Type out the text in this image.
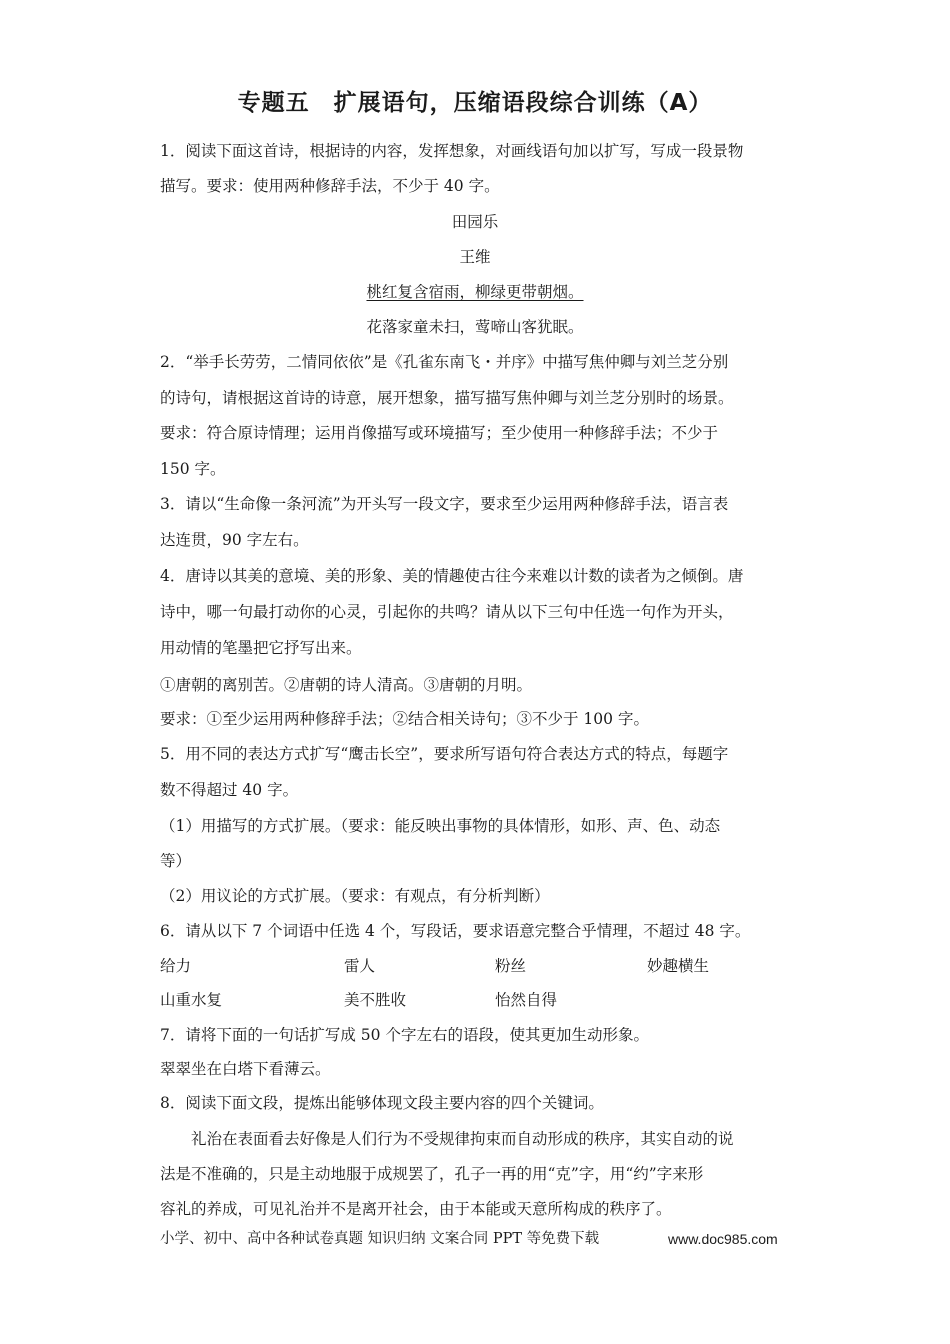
专题五　扩展语句，压缩语段综合训练（A）
1．阅读下面这首诗，根据诗的内容，发挥想象，对画线语句加以扩写，写成一段景物
描写。要求：使用两种修辞手法，不少于 40 字。
田园乐
王维
桃红复含宿雨，柳绿更带朝烟。
花落家童未扫，莺啼山客犹眠。
2．“举手长劳劳，二情同依依”是《孔雀东南飞・并序》中描写焦仲卿与刘兰芝分别
的诗句，请根据这首诗的诗意，展开想象，描写描写焦仲卿与刘兰芝分别时的场景。
要求：符合原诗情理；运用肖像描写或环境描写；至少使用一种修辞手法；不少于
150 字。
3．请以“生命像一条河流”为开头写一段文字，要求至少运用两种修辞手法，语言表
达连贯，90 字左右。
4．唐诗以其美的意境、美的形象、美的情趣使古往今来难以计数的读者为之倾倒。唐
诗中，哪一句最打动你的心灵，引起你的共鸣？请从以下三句中任选一句作为开头，
用动情的笔墨把它抒写出来。
①唐朝的离别苦。②唐朝的诗人清高。③唐朝的月明。
要求：①至少运用两种修辞手法；②结合相关诗句；③不少于 100 字。
5．用不同的表达方式扩写“鹰击长空”，要求所写语句符合表达方式的特点，每题字
数不得超过 40 字。
（1）用描写的方式扩展。（要求：能反映出事物的具体情形，如形、声、色、动态
等）
（2）用议论的方式扩展。（要求：有观点，有分析判断）
6．请从以下 7 个词语中任选 4 个，写段话，要求语意完整合乎情理，不超过 48 字。
给力	雷人	粉丝	妙趣横生
山重水复	美不胜收	怡然自得
7．请将下面的一句话扩写成 50 个字左右的语段，使其更加生动形象。
翠翠坐在白塔下看薄云。
8．阅读下面文段，提炼出能够体现文段主要内容的四个关键词。
礼治在表面看去好像是人们行为不受规律拘束而自动形成的秩序，其实自动的说
法是不准确的，只是主动地服于成规罢了，孔子一再的用“克”字，用“约”字来形
容礼的养成，可见礼治并不是离开社会，由于本能或天意所构成的秩序了。
小学、初中、高中各种试卷真题 知识归纳 文案合同 PPT 等免费下载	www.doc985.com
